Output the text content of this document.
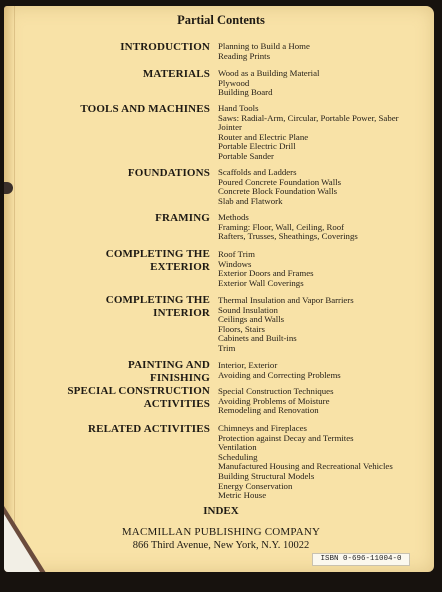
Partial Contents
INTRODUCTION Planning to Build a Home
Reading Prints
MATERIALS Wood as a Building Material
Plywood
Building Board
TOOLS AND MACHINES Hand Tools
Saws: Radial-Arm, Circular, Portable Power, Saber
Jointer
Router and Electric Plane
Portable Electric Drill
Portable Sander
FOUNDATIONS Scaffolds and Ladders
Poured Concrete Foundation Walls
Concrete Block Foundation Walls
Slab and Flatwork
FRAMING Methods
Framing: Floor, Wall, Ceiling, Roof
Rafters, Trusses, Sheathings, Coverings
COMPLETING THE
EXTERIOR
Roof Trim
Windows
Exterior Doors and Frames
Exterior Wall Coverings
COMPLETING THE
INTERIOR
Thermal Insulation and Vapor Barriers
Sound Insulation
Ceilings and Walls
Floors, Stairs
Cabinets and Built-ins
Trim
PAINTING AND
FINISHING
Interior, Exterior
Avoiding and Correcting Problems
SPECIAL CONSTRUCTION
ACTIVITIES
Special Construction Techniques
Avoiding Problems of Moisture
Remodeling and Renovation
RELATED ACTIVITIES Chimneys and Fireplaces
Protection against Decay and Termites
Ventilation
Scheduling
Manufactured Housing and Recreational Vehicles
Building Structural Models
Energy Conservation
Metric House
INDEX
MACMILLAN PUBLISHING COMPANY
866 Third Avenue, New York, N.Y. 10022
ISBN 0-696-11004-0
